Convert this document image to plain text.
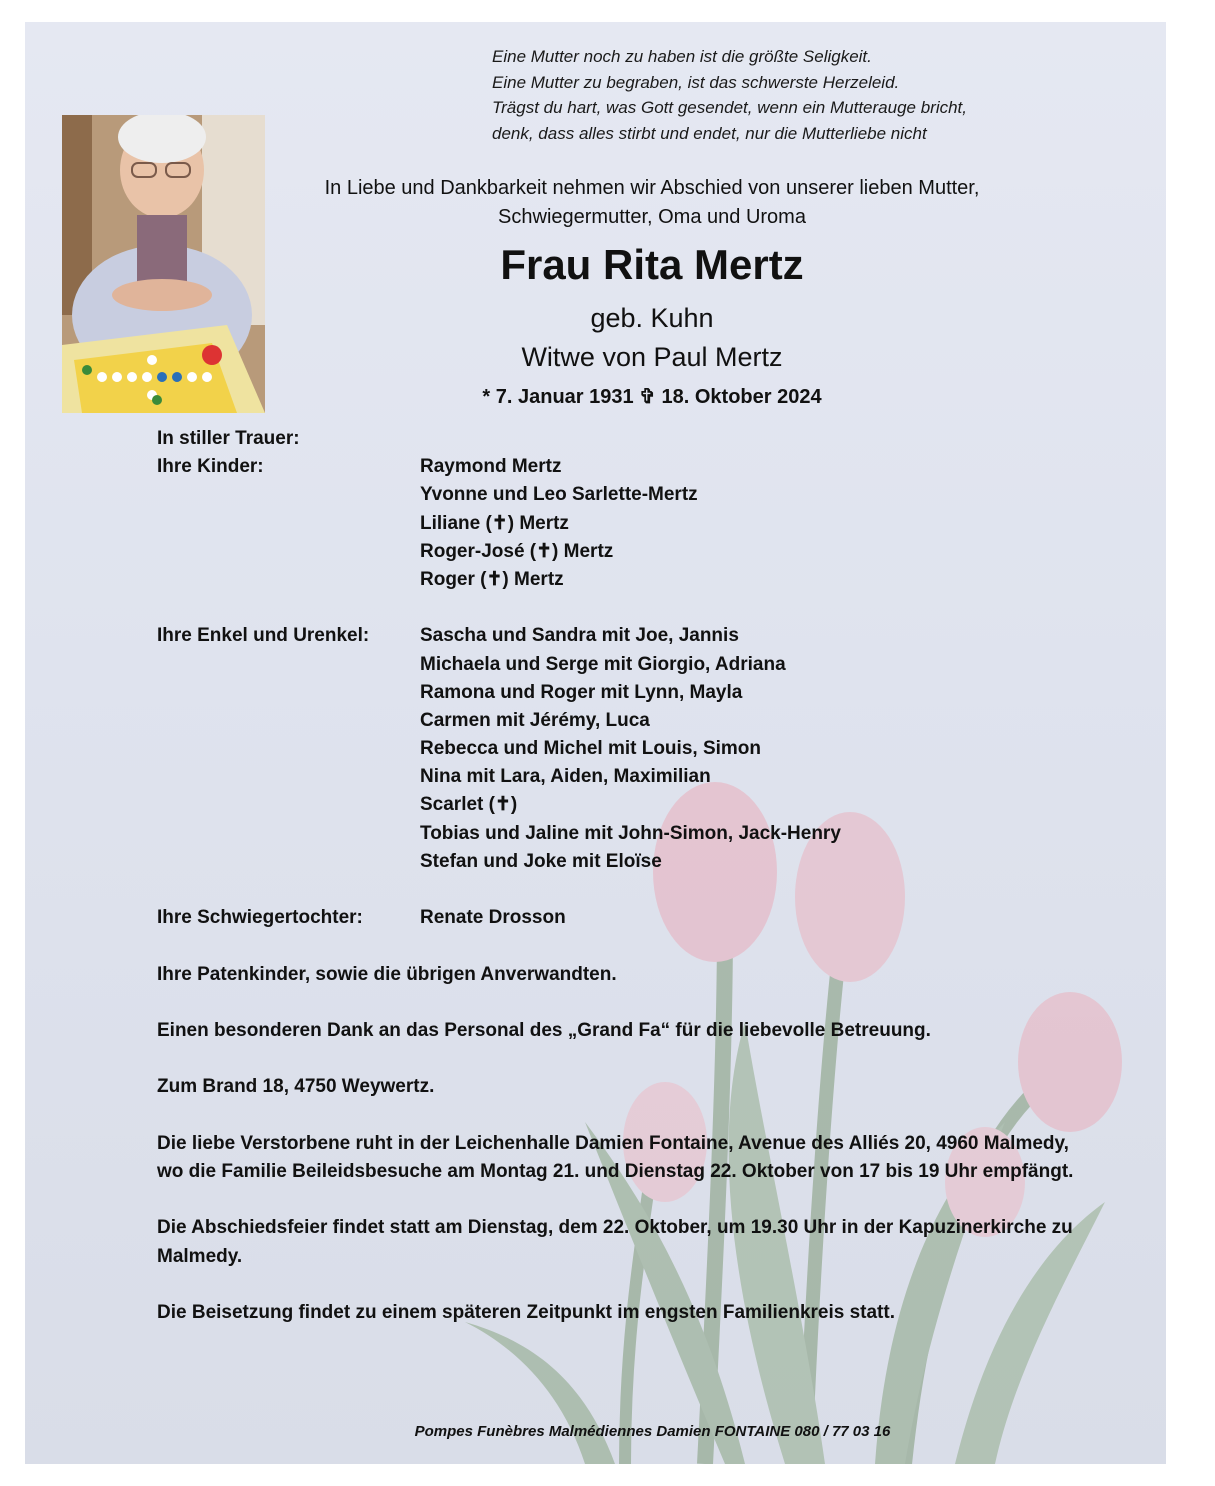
Eine Mutter noch zu haben ist die größte Seligkeit.
Eine Mutter zu begraben, ist das schwerste Herzeleid.
Trägst du hart, was Gott gesendet, wenn ein Mutterauge bricht,
denk, dass alles stirbt und endet, nur die Mutterliebe nicht
In Liebe und Dankbarkeit nehmen wir Abschied von unserer lieben Mutter,
Schwiegermutter, Oma und Uroma
Frau Rita Mertz
geb. Kuhn
Witwe von Paul Mertz
* 7. Januar 1931 ✞ 18. Oktober 2024
In stiller Trauer:
Ihre Kinder:	Raymond Mertz
Yvonne und Leo Sarlette-Mertz
Liliane (✝) Mertz
Roger-José (✝) Mertz
Roger (✝) Mertz
Ihre Enkel und Urenkel:	Sascha und Sandra mit Joe, Jannis
Michaela und Serge mit Giorgio, Adriana
Ramona und Roger mit Lynn, Mayla
Carmen mit Jérémy, Luca
Rebecca und Michel mit Louis, Simon
Nina mit Lara, Aiden, Maximilian
Scarlet (✝)
Tobias und Jaline mit John-Simon, Jack-Henry
Stefan und Joke mit Eloïse
Ihre Schwiegertochter:	Renate Drosson
Ihre Patenkinder, sowie die übrigen Anverwandten.
Einen besonderen Dank an das Personal des „Grand Fa“ für die liebevolle Betreuung.
Zum Brand 18, 4750 Weywertz.
Die liebe Verstorbene ruht in der Leichenhalle Damien Fontaine, Avenue des Alliés 20, 4960 Malmedy,
wo die Familie Beileidsbesuche am Montag 21. und Dienstag 22. Oktober von 17 bis 19 Uhr empfängt.
Die Abschiedsfeier findet statt am Dienstag, dem 22. Oktober, um 19.30 Uhr in der Kapuzinerkirche zu
Malmedy.
Die Beisetzung findet zu einem späteren Zeitpunkt im engsten Familienkreis statt.
Pompes Funèbres Malmédiennes Damien FONTAINE 080 / 77 03 16
